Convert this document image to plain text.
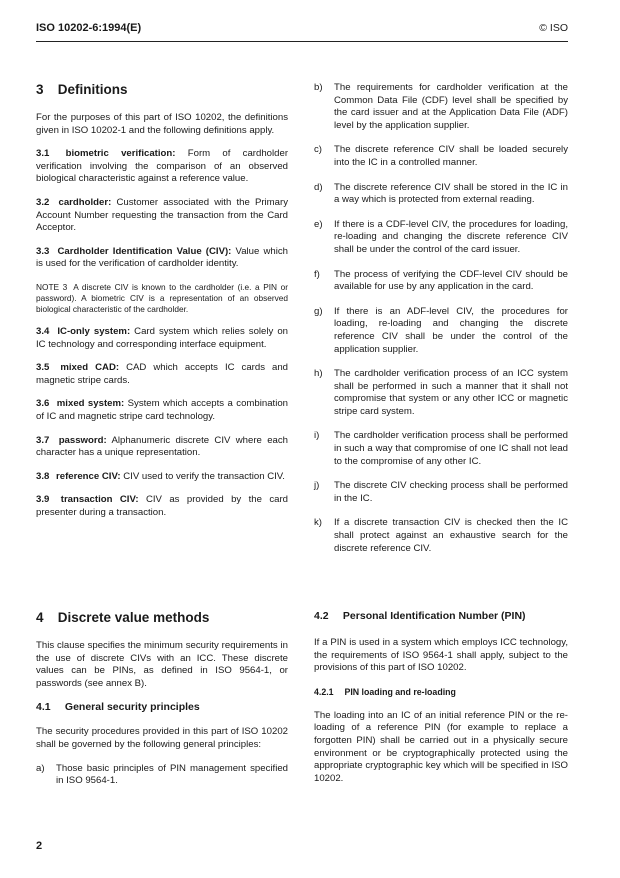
ISO 10202-6:1994(E)	© ISO
3 Definitions

For the purposes of this part of ISO 10202, the definitions given in ISO 10202-1 and the following definitions apply.

3.1 biometric verification: Form of cardholder verification involving the comparison of an observed biological characteristic against a reference value.

3.2 cardholder: Customer associated with the Primary Account Number requesting the transaction from the Card Acceptor.

3.3 Cardholder Identification Value (CIV): Value which is used for the verification of cardholder identity.

NOTE 3 A discrete CIV is known to the cardholder (i.e. a PIN or password). A biometric CIV is a representation of an observed biological characteristic of the cardholder.

3.4 IC-only system: Card system which relies solely on IC technology and corresponding interface equipment.

3.5 mixed CAD: CAD which accepts IC cards and magnetic stripe cards.

3.6 mixed system: System which accepts a combination of IC and magnetic stripe card technology.

3.7 password: Alphanumeric discrete CIV where each character has a unique representation.

3.8 reference CIV: CIV used to verify the transaction CIV.

3.9 transaction CIV: CIV as provided by the card presenter during a transaction.

b)	The requirements for cardholder verification at the Common Data File (CDF) level shall be specified by the card issuer and at the Application Data File (ADF) level by the application supplier.
c)	The discrete reference CIV shall be loaded securely into the IC in a controlled manner.
d)	The discrete reference CIV shall be stored in the IC in a way which is protected from external reading.
e)	If there is a CDF-level CIV, the procedures for loading, re-loading and changing the discrete reference CIV shall be under the control of the card issuer.
f)	The process of verifying the CDF-level CIV should be available for use by any application in the card.
g)	If there is an ADF-level CIV, the procedures for loading, re-loading and changing the discrete reference CIV shall be under the control of the application supplier.
h)	The cardholder verification process of an ICC system shall be performed in such a manner that it shall not compromise that system or any other ICC or magnetic stripe card system.
i)	The cardholder verification process shall be performed in such a way that compromise of one IC shall not lead to the compromise of any other IC.
j)	The discrete CIV checking process shall be performed in the IC.
k)	If a discrete transaction CIV is checked then the IC shall protect against an exhaustive search for the discrete reference CIV.
4 Discrete value methods

This clause specifies the minimum security requirements in the use of discrete CIVs with an ICC. These discrete values can be PINs, as defined in ISO 9564-1, or passwords (see annex B).

4.1 General security principles

The security procedures provided in this part of ISO 10202 shall be governed by the following general principles:

a)	Those basic principles of PIN management specified in ISO 9564-1.
4.2 Personal Identification Number (PIN)

If a PIN is used in a system which employs ICC technology, the requirements of ISO 9564-1 shall apply, subject to the provisions of this part of ISO 10202.

4.2.1 PIN loading and re-loading

The loading into an IC of an initial reference PIN or the re-loading of a reference PIN (for example to replace a forgotten PIN) shall be carried out in a physically secure environment or be cryptographically protected using the appropriate cryptographic key which will be specified in ISO 10202.

2
